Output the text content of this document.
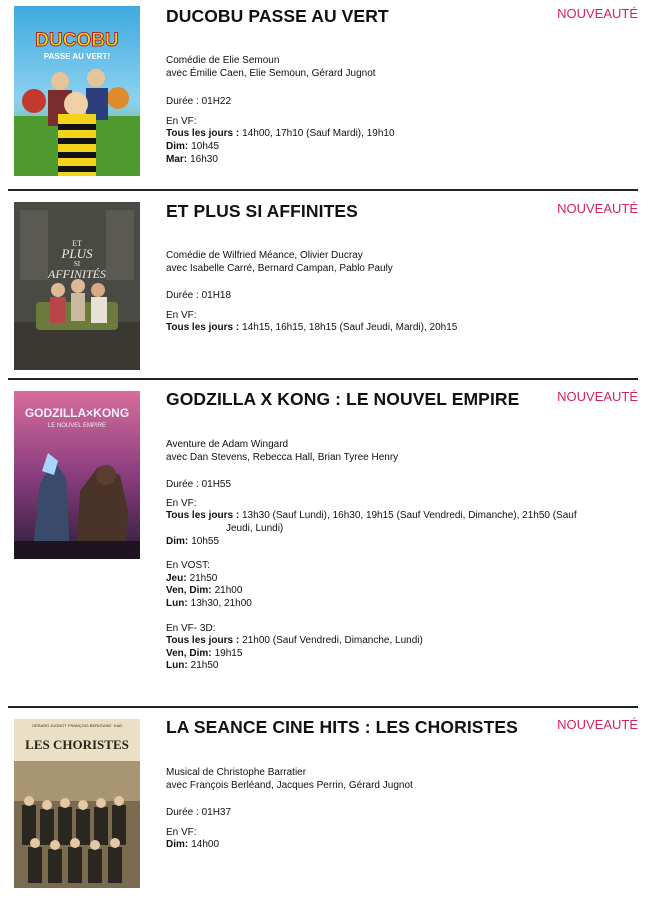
DUCOBU
PASSE AU VERT!
DUCOBU PASSE AU VERT	NOUVEAUTÉ

Comédie de Elie Semoun

avec Émilie Caen, Elie Semoun, Gérard Jugnot

Durée : 01H22

En VF:

Tous les jours : 14h00, 17h10 (Sauf Mardi), 19h10
Dim: 10h45
Mar: 16h30
ET
PLUS
SI
AFFINITÉS
ET PLUS SI AFFINITES	NOUVEAUTÉ

Comédie de Wilfried Méance, Olivier Ducray

avec Isabelle Carré, Bernard Campan, Pablo Pauly

Durée : 01H18

En VF:

Tous les jours : 14h15, 16h15, 18h15 (Sauf Jeudi, Mardi), 20h15
GODZILLA×KONG
LE NOUVEL EMPIRE
GODZILLA X KONG : LE NOUVEL EMPIRE	NOUVEAUTÉ

Aventure de Adam Wingard

avec Dan Stevens, Rebecca Hall, Brian Tyree Henry

Durée : 01H55

En VF:

Tous les jours : 13h30 (Sauf Lundi), 16h30, 19h15 (Sauf Vendredi, Dimanche), 21h50 (Sauf Jeudi, Lundi)

Dim: 10h55

En VOST:

Jeu: 21h50
Ven, Dim: 21h00
Lun: 13h30, 21h00

En VF- 3D:

Tous les jours : 21h00 (Sauf Vendredi, Dimanche, Lundi)
Ven, Dim: 19h15
Lun: 21h50
GÉRARD JUGNOT FRANÇOIS BERLÉAND KAD
LES CHORISTES
LA SEANCE CINE HITS : LES CHORISTES	NOUVEAUTÉ

Musical de Christophe Barratier

avec François Berléand, Jacques Perrin, Gérard Jugnot

Durée : 01H37

En VF:

Dim: 14h00
